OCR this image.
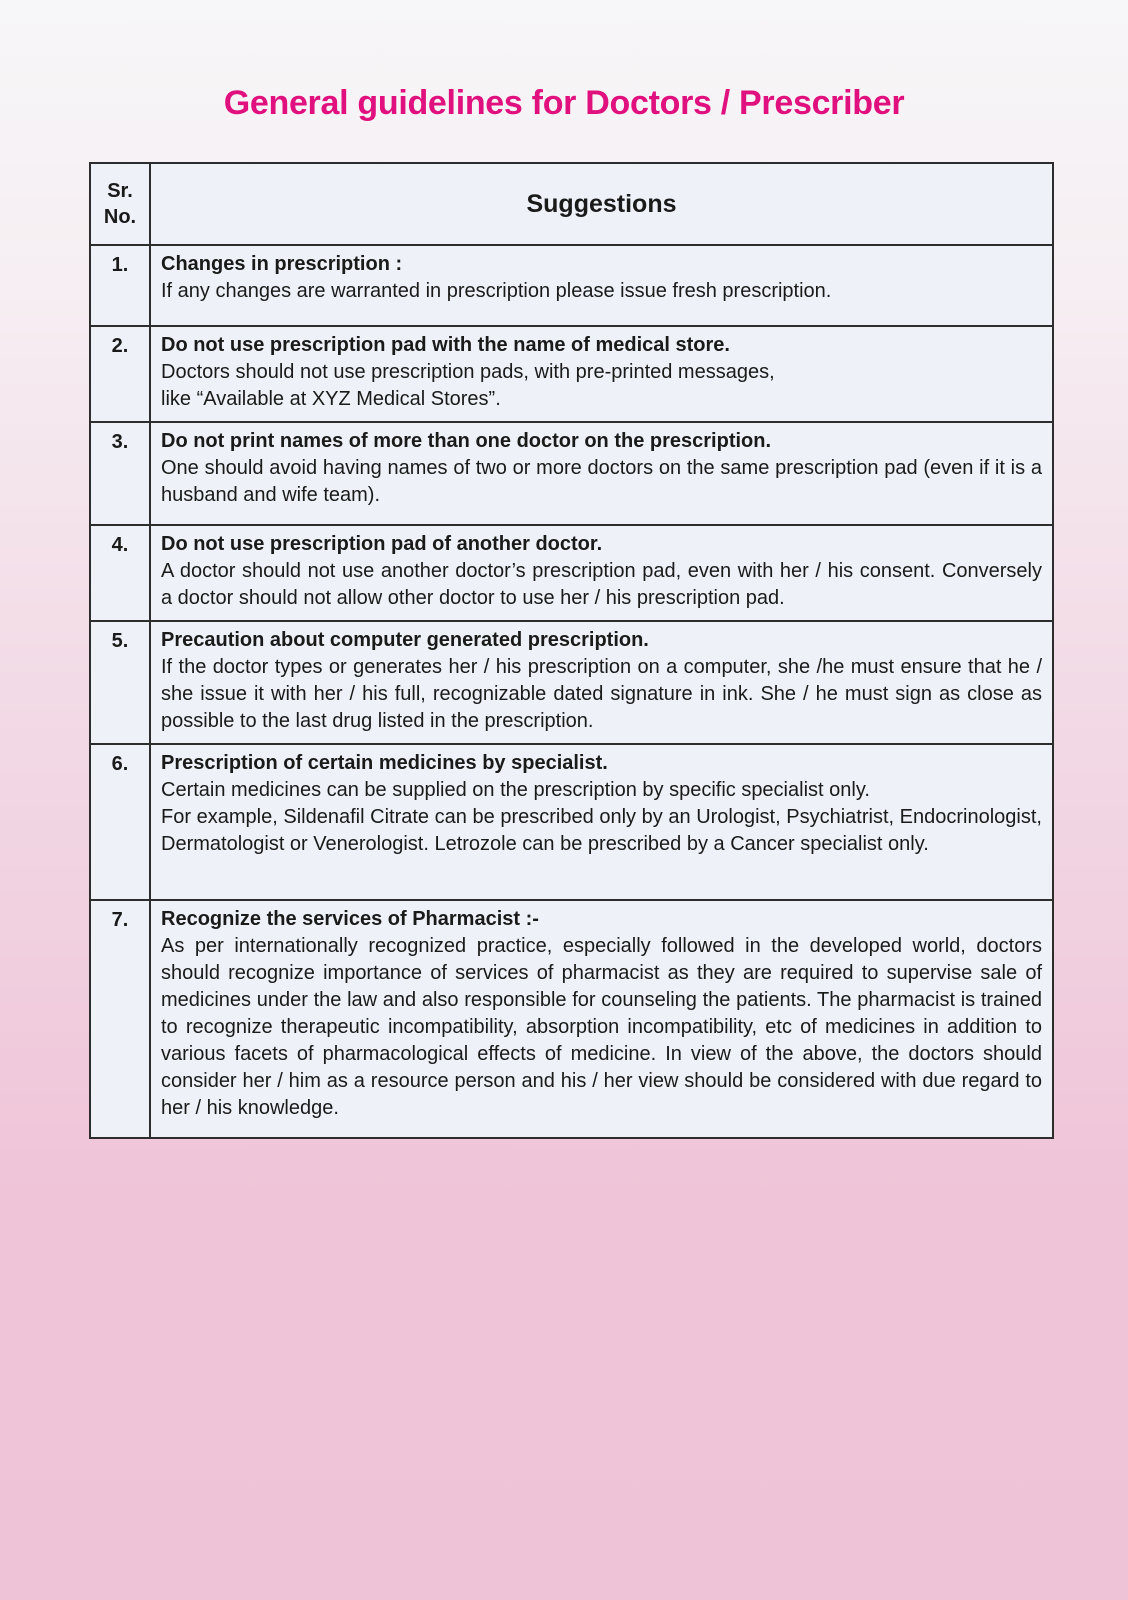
General guidelines for Doctors / Prescriber
Sr. No.	Suggestions
1.	Changes in prescription :
If any changes are warranted in prescription please issue fresh prescription.

2.	Do not use prescription pad with the name of medical store.
Doctors should not use prescription pads, with pre-printed messages,
like “Available at XYZ Medical Stores”.

3.	Do not print names of more than one doctor on the prescription.
One should avoid having names of two or more doctors on the same prescription pad (even if it is a husband and wife team).

4.	Do not use prescription pad of another doctor.
A doctor should not use another doctor’s prescription pad, even with her / his consent. Conversely a doctor should not allow other doctor to use her / his prescription pad.

5.	Precaution about computer generated prescription.
If the doctor types or generates her / his prescription on a computer, she /he must ensure that he / she issue it with her / his full, recognizable dated signature in ink. She / he must sign as close as possible to the last drug listed in the prescription.

6.	Prescription of certain medicines by specialist.
Certain medicines can be supplied on the prescription by specific specialist only.
For example, Sildenafil Citrate can be prescribed only by an Urologist, Psychiatrist, Endocrinologist, Dermatologist or Venerologist. Letrozole can be prescribed by a Cancer specialist only.

7.	Recognize the services of Pharmacist :-
As per internationally recognized practice, especially followed in the developed world, doctors should recognize importance of services of pharmacist as they are required to supervise sale of medicines under the law and also responsible for counseling the patients. The pharmacist is trained to recognize therapeutic incompatibility, absorption incompatibility, etc of medicines in addition to various facets of pharmacological effects of medicine. In view of the above, the doctors should consider her / him as a resource person and his / her view should be considered with due regard to her / his knowledge.
